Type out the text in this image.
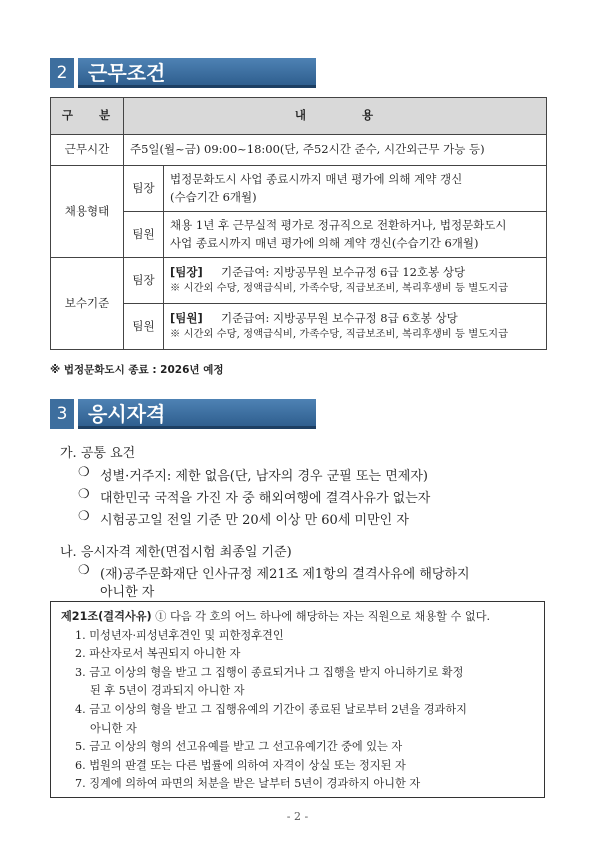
2	근무조건
구    분	내         용	
근무시간	주5일(월~금) 09:00~18:00(단, 주52시간 준수, 시간외근무 가능 등)	
채용형태	팀장	법정문화도시 사업 종료시까지 매년 평가에 의해 계약 갱신
(수습기간 6개월)

	팀원	채용 1년 후 근무실적 평가로 정규직으로 전환하거나, 법정문화도시
사업 종료시까지 매년 평가에 의해 계약 갱신(수습기간 6개월)

보수기준	팀장	[팀장] 기준급여: 지방공무원 보수규정 6급 12호봉 상당
※ 시간외 수당, 정액급식비, 가족수당, 직급보조비, 복리후생비 등 별도지급

	팀원	[팀원] 기준급여: 지방공무원 보수규정 8급 6호봉 상당
※ 시간외 수당, 정액급식비, 가족수당, 직급보조비, 복리후생비 등 별도지급
※ 법정문화도시 종료 : 2026년 예정
3	응시자격
가. 공통 요건
❍ 성별·거주지: 제한 없음(단, 남자의 경우 군필 또는 면제자)
❍ 대한민국 국적을 가진 자 중 해외여행에 결격사유가 없는자
❍ 시험공고일 전일 기준 만 20세 이상 만 60세 미만인 자
나. 응시자격 제한(면접시험 최종일 기준)
❍ (재)공주문화재단 인사규정 제21조 제1항의 결격사유에 해당하지
아니한 자
제21조(결격사유) ① 다음 각 호의 어느 하나에 해당하는 자는 직원으로 채용할 수 없다.
1. 미성년자·피성년후견인 및 피한정후견인
2. 파산자로서 복권되지 아니한 자
3. 금고 이상의 형을 받고 그 집행이 종료되거나 그 집행을 받지 아니하기로 확정
된 후 5년이 경과되지 아니한 자
4. 금고 이상의 형을 받고 그 집행유예의 기간이 종료된 날로부터 2년을 경과하지
아니한 자
5. 금고 이상의 형의 선고유예를 받고 그 선고유예기간 중에 있는 자
6. 법원의 판결 또는 다른 법률에 의하여 자격이 상실 또는 정지된 자
7. 징계에 의하여 파면의 처분을 받은 날부터 5년이 경과하지 아니한 자
- 2 -
